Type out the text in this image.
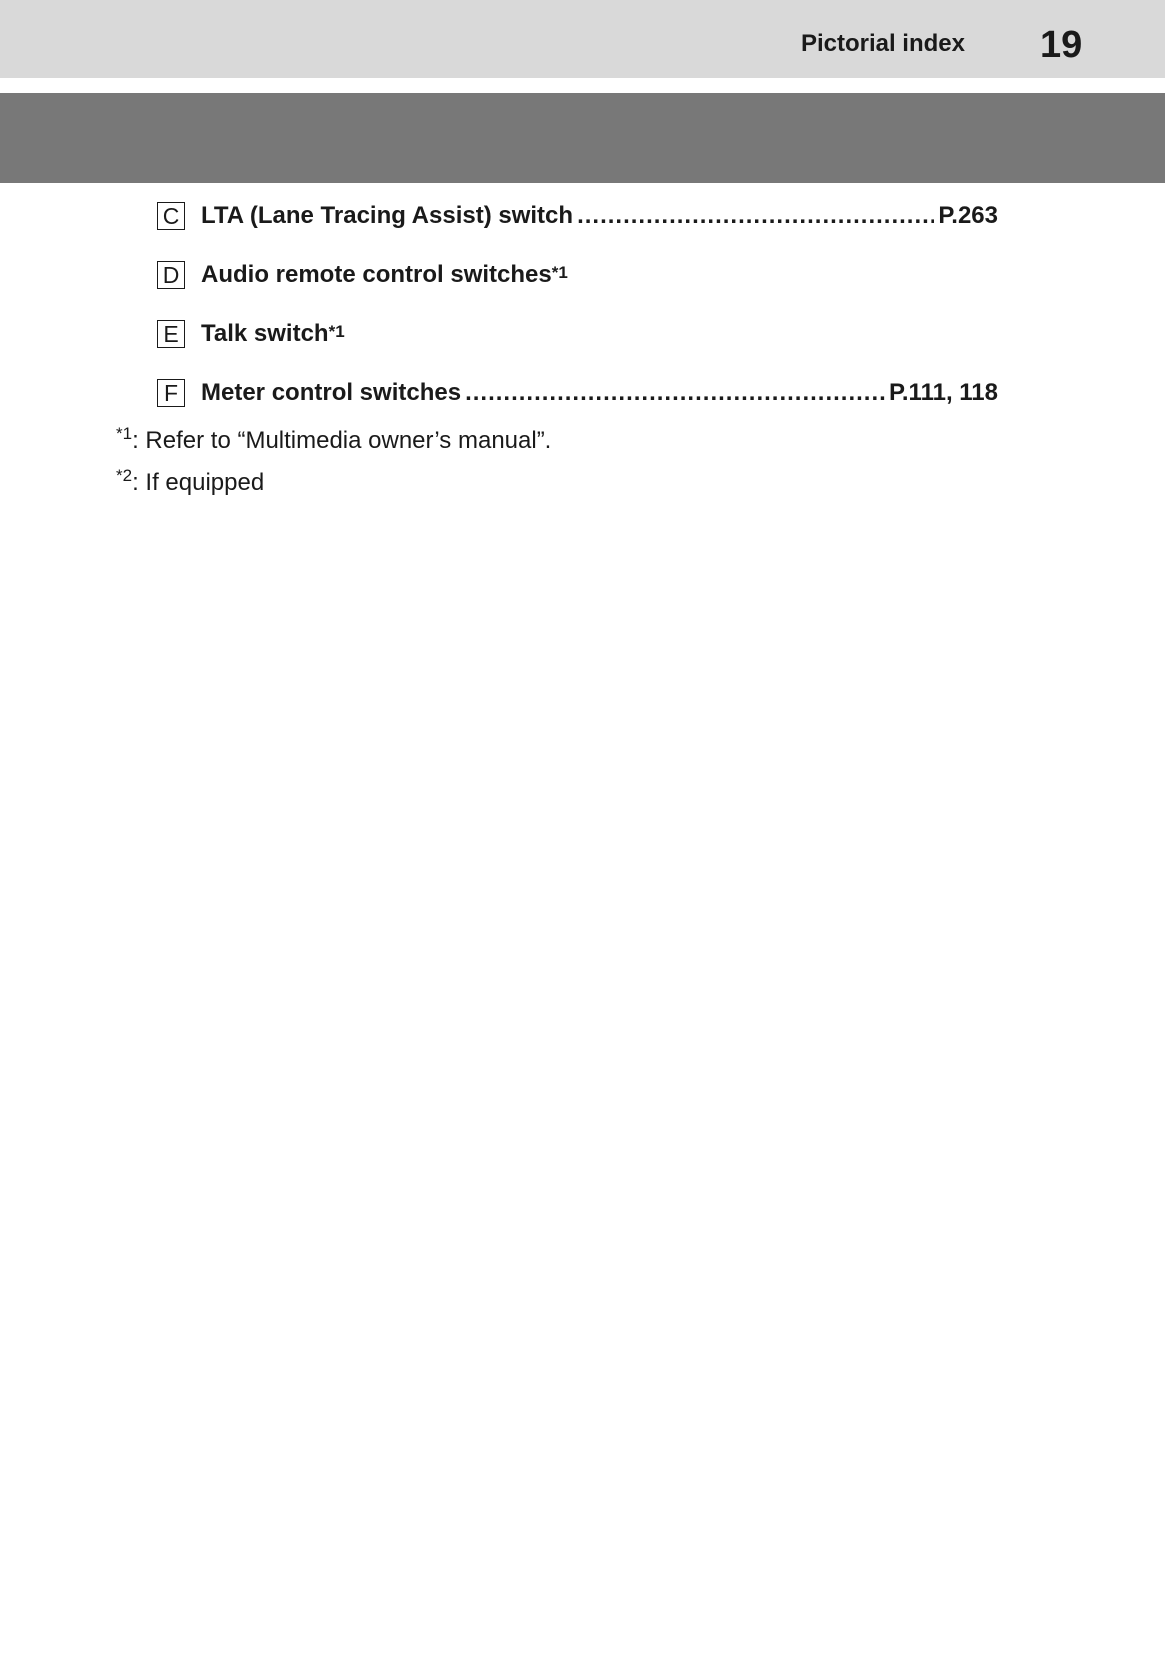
Pictorial index 19
C LTA (Lane Tracing Assist) switch .....	P.263
D Audio remote control switches$^{*1}$
E Talk switch$^{*1}$
F Meter control switches .....	P.111, 118
$^{*1}$: Refer to “Multimedia owner’s manual”.
$^{*2}$: If equipped
